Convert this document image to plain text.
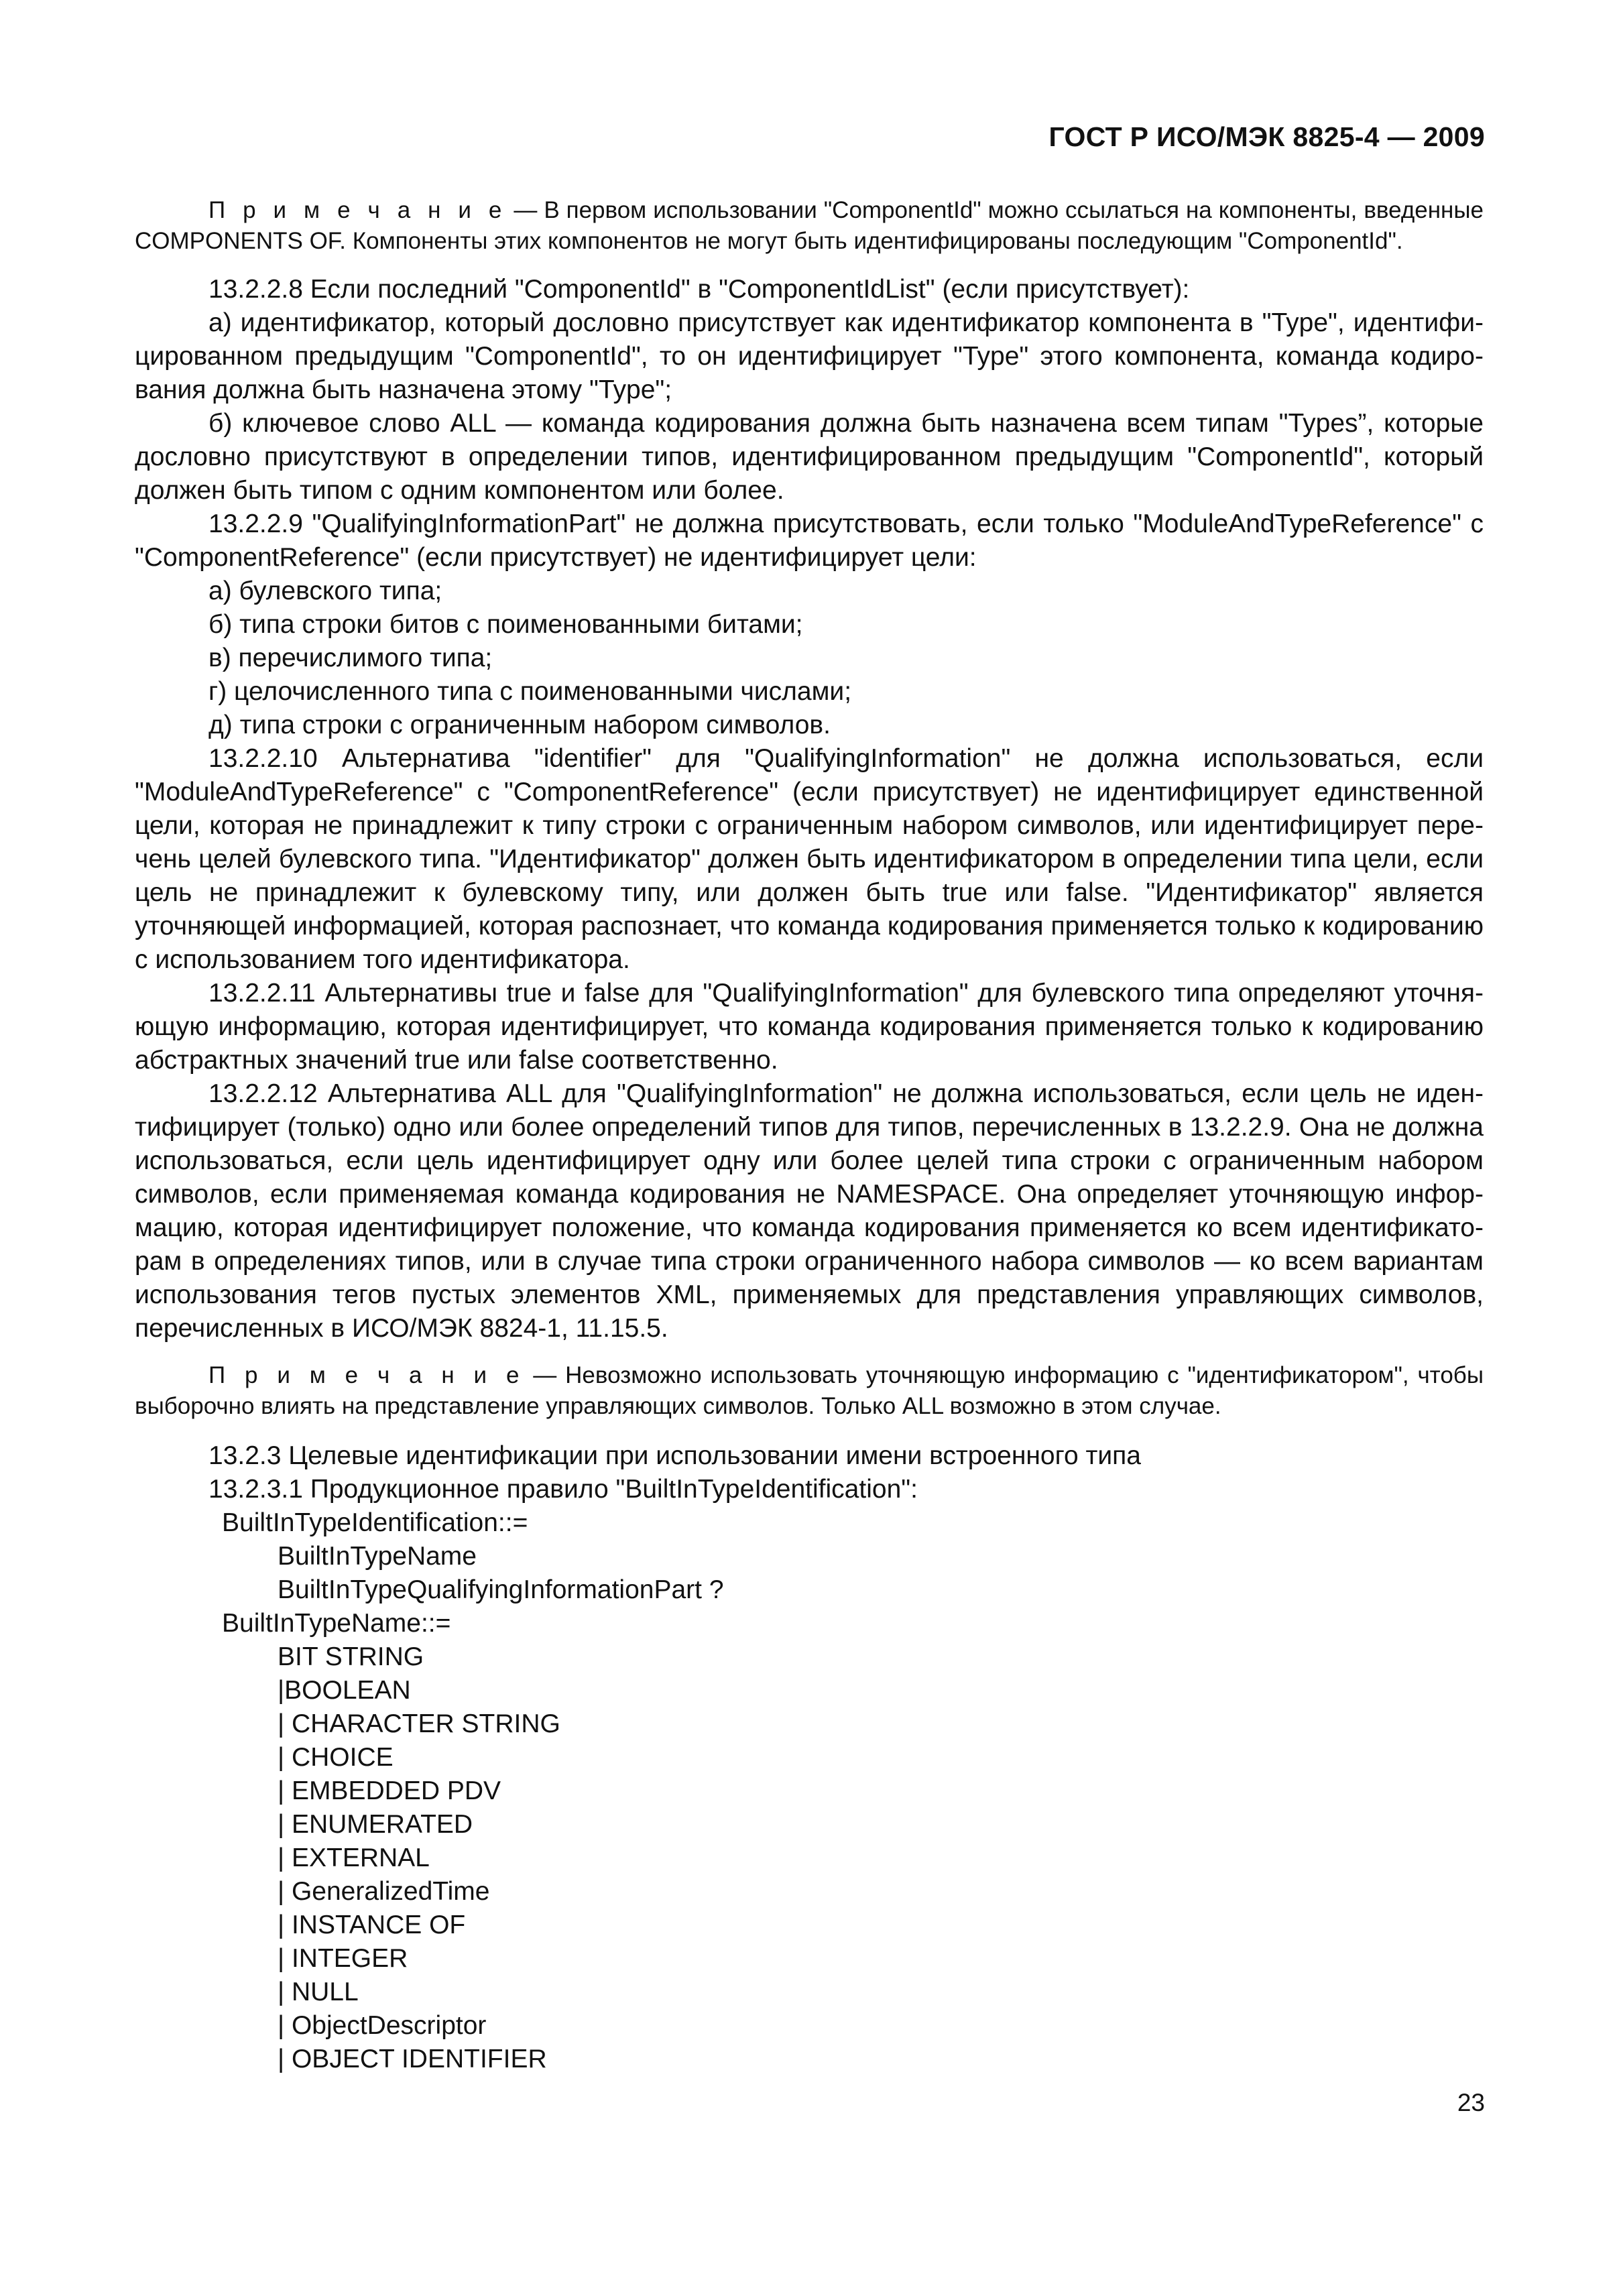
ГОСТ Р ИСО/МЭК 8825-4 — 2009

П р и м е ч а н и е — В первом использовании "ComponentId" можно ссылаться на компоненты, введенные COMPONENTS OF. Компоненты этих компонентов не могут быть идентифицированы последующим "ComponentId".

13.2.2.8 Если последний "ComponentId" в "ComponentIdList" (если присутствует):

а) идентификатор, который дословно присутствует как идентификатор компонента в "Type", идентифицированном предыдущим "ComponentId", то он идентифицирует "Type" этого компонента, команда кодирования должна быть назначена этому "Type";

б) ключевое слово ALL — команда кодирования должна быть назначена всем типам "Types”, которые дословно присутствуют в определении типов, идентифицированном предыдущим "ComponentId", который должен быть типом с одним компонентом или более.

13.2.2.9 "QualifyingInformationPart" не должна присутствовать, если только "ModuleAndTypeReference" с "ComponentReference" (если присутствует) не идентифицирует цели:

а) булевского типа;

б) типа строки битов с поименованными битами;

в) перечислимого типа;

г) целочисленного типа с поименованными числами;

д) типа строки с ограниченным набором символов.

13.2.2.10 Альтернатива "identifier" для "QualifyingInformation" не должна использоваться, если "ModuleAndTypeReference" с "ComponentReference" (если присутствует) не идентифицирует единственной цели, которая не принадлежит к типу строки с ограниченным набором символов, или идентифицирует перечень целей булевского типа. "Идентификатор" должен быть идентификатором в определении типа цели, если цель не принадлежит к булевскому типу, или должен быть true или false. "Идентификатор" является уточняющей информацией, которая распознает, что команда кодирования применяется только к кодированию с использованием того идентификатора.

13.2.2.11 Альтернативы true и false для "QualifyingInformation" для булевского типа определяют уточняющую информацию, которая идентифицирует, что команда кодирования применяется только к кодированию абстрактных значений true или false соответственно.

13.2.2.12 Альтернатива ALL для "QualifyingInformation" не должна использоваться, если цель не идентифицирует (только) одно или более определений типов для типов, перечисленных в 13.2.2.9. Она не должна использоваться, если цель идентифицирует одну или более целей типа строки с ограниченным набором символов, если применяемая команда кодирования не NAMESPACE. Она определяет уточняющую информацию, которая идентифицирует положение, что команда кодирования применяется ко всем идентификаторам в определениях типов, или в случае типа строки ограниченного набора символов — ко всем вариантам использования тегов пустых элементов XML, применяемых для представления управляющих символов, перечисленных в ИСО/МЭК 8824-1, 11.15.5.

П р и м е ч а н и е — Невозможно использовать уточняющую информацию с "идентификатором", чтобы выборочно влиять на представление управляющих символов. Только ALL возможно в этом случае.

13.2.3 Целевые идентификации при использовании имени встроенного типа

13.2.3.1 Продукционное правило "BuiltInTypeIdentification":

BuiltInTypeIdentification::=

BuiltInTypeName

BuiltInTypeQualifyingInformationPart ?

BuiltInTypeName::=

BIT STRING

|BOOLEAN

| CHARACTER STRING

| CHOICE

| EMBEDDED PDV

| ENUMERATED

| EXTERNAL

| GeneralizedTime

| INSTANCE OF

| INTEGER

| NULL

| ObjectDescriptor

| OBJECT IDENTIFIER

23
